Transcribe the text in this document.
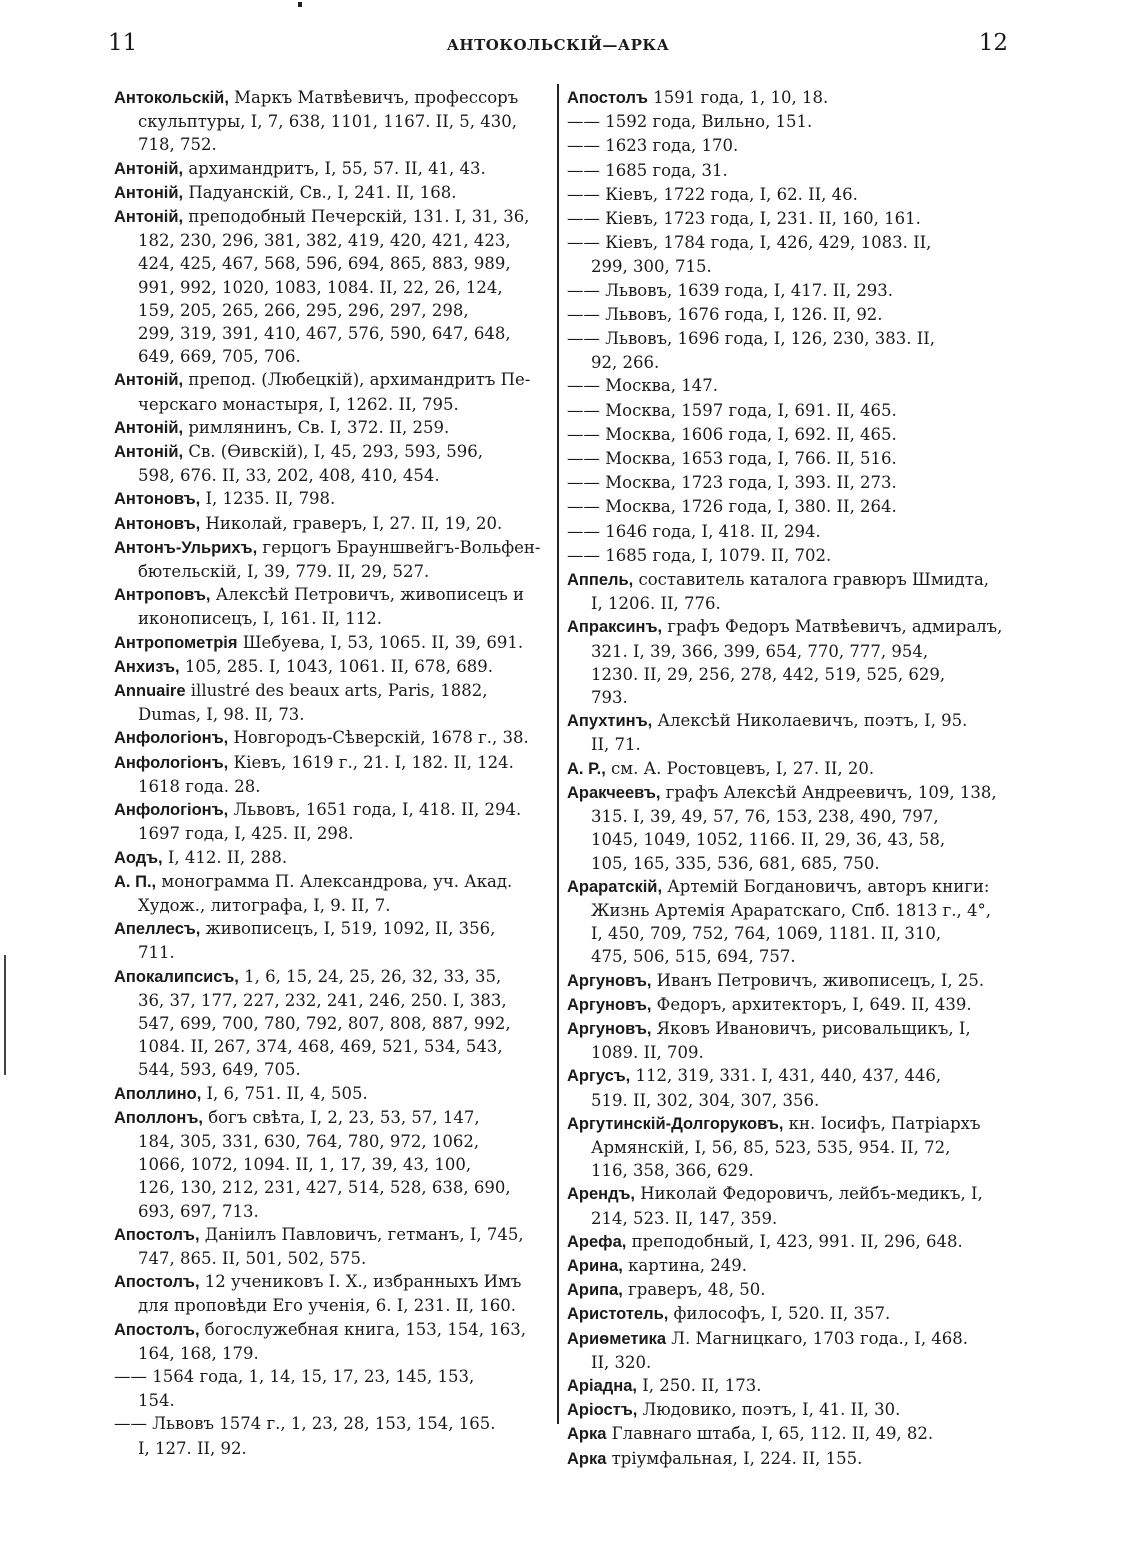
11	АНТОКОЛЬСКІЙ—АРКА	12

Антокольскій, Маркъ Матвѣевичъ, профессоръ
скульптуры, I, 7, 638, 1101, 1167. II, 5, 430,
718, 752.

Антоній, архимандритъ, I, 55, 57. II, 41, 43.

Антоній, Падуанскій, Св., I, 241. II, 168.

Антоній, преподобный Печерскій, 131. I, 31, 36,
182, 230, 296, 381, 382, 419, 420, 421, 423,
424, 425, 467, 568, 596, 694, 865, 883, 989,
991, 992, 1020, 1083, 1084. II, 22, 26, 124,
159, 205, 265, 266, 295, 296, 297, 298,
299, 319, 391, 410, 467, 576, 590, 647, 648,
649, 669, 705, 706.

Антоній, препод. (Любецкій), архимандритъ Пе-
черскаго монастыря, I, 1262. II, 795.

Антоній, римлянинъ, Св. I, 372. II, 259.

Антоній, Св. (Ѳивскій), I, 45, 293, 593, 596,
598, 676. II, 33, 202, 408, 410, 454.

Антоновъ, I, 1235. II, 798.

Антоновъ, Николай, граверъ, I, 27. II, 19, 20.

Антонъ-Ульрихъ, герцогъ Брауншвейгъ-Вольфен-
бютельскій, I, 39, 779. II, 29, 527.

Антроповъ, Алексѣй Петровичъ, живописецъ и
иконописецъ, I, 161. II, 112.

Антропометрія Шебуева, I, 53, 1065. II, 39, 691.

Анхизъ, 105, 285. I, 1043, 1061. II, 678, 689.

Annuaire illustré des beaux arts, Paris, 1882,
Dumas, I, 98. II, 73.

Анфологіонъ, Новгородъ-Сѣверскій, 1678 г., 38.

Анфологіонъ, Кіевъ, 1619 г., 21. I, 182. II, 124.
1618 года. 28.

Анфологіонъ, Львовъ, 1651 года, I, 418. II, 294.
1697 года, I, 425. II, 298.

Аодъ, I, 412. II, 288.

А. П., монограмма П. Александрова, уч. Акад.
Худож., литографа, I, 9. II, 7.

Апеллесъ, живописецъ, I, 519, 1092, II, 356,
711.

Апокалипсисъ, 1, 6, 15, 24, 25, 26, 32, 33, 35,
36, 37, 177, 227, 232, 241, 246, 250. I, 383,
547, 699, 700, 780, 792, 807, 808, 887, 992,
1084. II, 267, 374, 468, 469, 521, 534, 543,
544, 593, 649, 705.

Аполлино, I, 6, 751. II, 4, 505.

Аполлонъ, богъ свѣта, I, 2, 23, 53, 57, 147,
184, 305, 331, 630, 764, 780, 972, 1062,
1066, 1072, 1094. II, 1, 17, 39, 43, 100,
126, 130, 212, 231, 427, 514, 528, 638, 690,
693, 697, 713.

Апостолъ, Даніилъ Павловичъ, гетманъ, I, 745,
747, 865. II, 501, 502, 575.

Апостолъ, 12 учениковъ І. Х., избранныхъ Имъ
для проповѣди Его ученія, 6. I, 231. II, 160.

Апостолъ, богослужебная книга, 153, 154, 163,
164, 168, 179.

—— 1564 года, 1, 14, 15, 17, 23, 145, 153,
154.

—— Львовъ 1574 г., 1, 23, 28, 153, 154, 165.
I, 127. II, 92.

Апостолъ 1591 года, 1, 10, 18.

—— 1592 года, Вильно, 151.

—— 1623 года, 170.

—— 1685 года, 31.

—— Кіевъ, 1722 года, I, 62. II, 46.

—— Кіевъ, 1723 года, I, 231. II, 160, 161.

—— Кіевъ, 1784 года, I, 426, 429, 1083. II,
299, 300, 715.

—— Львовъ, 1639 года, I, 417. II, 293.

—— Львовъ, 1676 года, I, 126. II, 92.

—— Львовъ, 1696 года, I, 126, 230, 383. II,
92, 266.

—— Москва, 147.

—— Москва, 1597 года, I, 691. II, 465.

—— Москва, 1606 года, I, 692. II, 465.

—— Москва, 1653 года, I, 766. II, 516.

—— Москва, 1723 года, I, 393. II, 273.

—— Москва, 1726 года, I, 380. II, 264.

—— 1646 года, I, 418. II, 294.

—— 1685 года, I, 1079. II, 702.

Аппель, составитель каталога гравюръ Шмидта,
I, 1206. II, 776.

Апраксинъ, графъ Федоръ Матвѣевичъ, адмиралъ,
321. I, 39, 366, 399, 654, 770, 777, 954,
1230. II, 29, 256, 278, 442, 519, 525, 629,
793.

Апухтинъ, Алексѣй Николаевичъ, поэтъ, I, 95.
II, 71.

А. Р., см. А. Ростовцевъ, I, 27. II, 20.

Аракчеевъ, графъ Алексѣй Андреевичъ, 109, 138,
315. I, 39, 49, 57, 76, 153, 238, 490, 797,
1045, 1049, 1052, 1166. II, 29, 36, 43, 58,
105, 165, 335, 536, 681, 685, 750.

Араратскій, Артемій Богдановичъ, авторъ книги:
Жизнь Артемія Араратскаго, Спб. 1813 г., 4°,
I, 450, 709, 752, 764, 1069, 1181. II, 310,
475, 506, 515, 694, 757.

Аргуновъ, Иванъ Петровичъ, живописецъ, I, 25.

Аргуновъ, Федоръ, архитекторъ, I, 649. II, 439.

Аргуновъ, Яковъ Ивановичъ, рисовальщикъ, I,
1089. II, 709.

Аргусъ, 112, 319, 331. I, 431, 440, 437, 446,
519. II, 302, 304, 307, 356.

Аргутинскій-Долгоруковъ, кн. Іосифъ, Патріархъ
Армянскій, I, 56, 85, 523, 535, 954. II, 72,
116, 358, 366, 629.

Арендъ, Николай Федоровичъ, лейбъ-медикъ, I,
214, 523. II, 147, 359.

Арефа, преподобный, I, 423, 991. II, 296, 648.

Арина, картина, 249.

Арипа, граверъ, 48, 50.

Аристотель, философъ, I, 520. II, 357.

Ариѳметика Л. Магницкаго, 1703 года., I, 468.
II, 320.

Аріадна, I, 250. II, 173.

Аріостъ, Людовико, поэтъ, I, 41. II, 30.

Арка Главнаго штаба, I, 65, 112. II, 49, 82.

Арка тріумфальная, I, 224. II, 155.
